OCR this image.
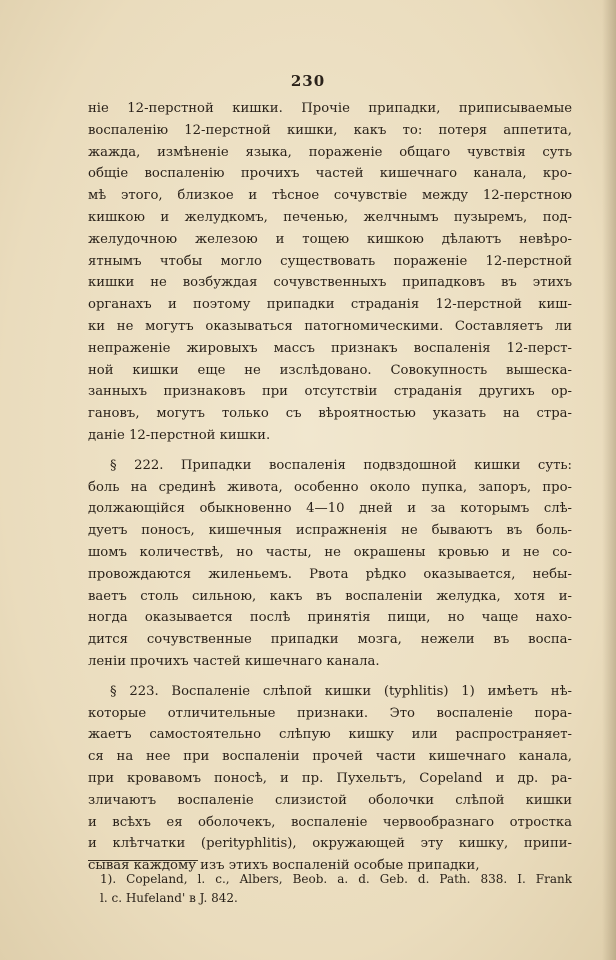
230
ніе 12-перстной кишки. Прочіе припадки, приписываемые
воспаленію 12-перстной кишки, какъ то: потеря аппетита,
жажда, измѣненіе языка, пораженіе общаго чувствія суть
общіе воспаленію прочихъ частей кишечнаго канала, кро-
мѣ этого, близкое и тѣсное сочувствіе между 12-перстною
кишкою и желудкомъ, печенью, желчнымъ пузыремъ, под-
желудочною железою и тощею кишкою дѣлаютъ невѣро-
ятнымъ чтобы могло существовать пораженіе 12-перстной
кишки не возбуждая сочувственныхъ припадковъ въ этихъ
органахъ и поэтому припадки страданія 12-перстной киш-
ки не могутъ оказываться патогномическими. Составляетъ ли
непраженіе жировыхъ массъ признакъ воспаленія 12-перст-
ной кишки еще не изслѣдовано. Совокупность вышеска-
занныхъ признаковъ при отсутствіи страданія другихъ ор-
гановъ, могутъ только съ вѣроятностью указать на стра-
даніе 12-перстной кишки.
§ 222. Припадки воспаленія подвздошной кишки суть:
боль на срединѣ живота, особенно около пупка, запоръ, про-
должающійся обыкновенно 4—10 дней и за которымъ слѣ-
дуетъ поносъ, кишечныя испражненія не бываютъ въ боль-
шомъ количествѣ, но часты, не окрашены кровью и не со-
провождаются жиленьемъ. Рвота рѣдко оказывается, небы-
ваетъ столь сильною, какъ въ воспаленіи желудка, хотя и-
ногда оказывается послѣ принятія пищи, но чаще нахо-
дится сочувственные припадки мозга, нежели въ воспа-
леніи прочихъ частей кишечнаго канала.
§ 223. Воспаленіе слѣпой кишки (typhlitis) 1) имѣетъ нѣ-
которые отличительные признаки. Это воспаленіе пора-
жаетъ самостоятельно слѣпую кишку или распространяет-
ся на нее при воспаленіи прочей части кишечнаго канала,
при кровавомъ поносѣ, и пр. Пухельтъ, Copeland и др. ра-
зличаютъ воспаленіе слизистой оболочки слѣпой кишки
и всѣхъ ея оболочекъ, воспаленіе червообразнаго отростка
и клѣтчатки (perityphlitis), окружающей эту кишку, припи-
сывая каждому изъ этихъ воспаленій особые припадки,
1). Copeland, l. c., Albers, Beob. a. d. Geb. d. Path. 838. I. Frank
l. c. Hufeland' в J. 842.
